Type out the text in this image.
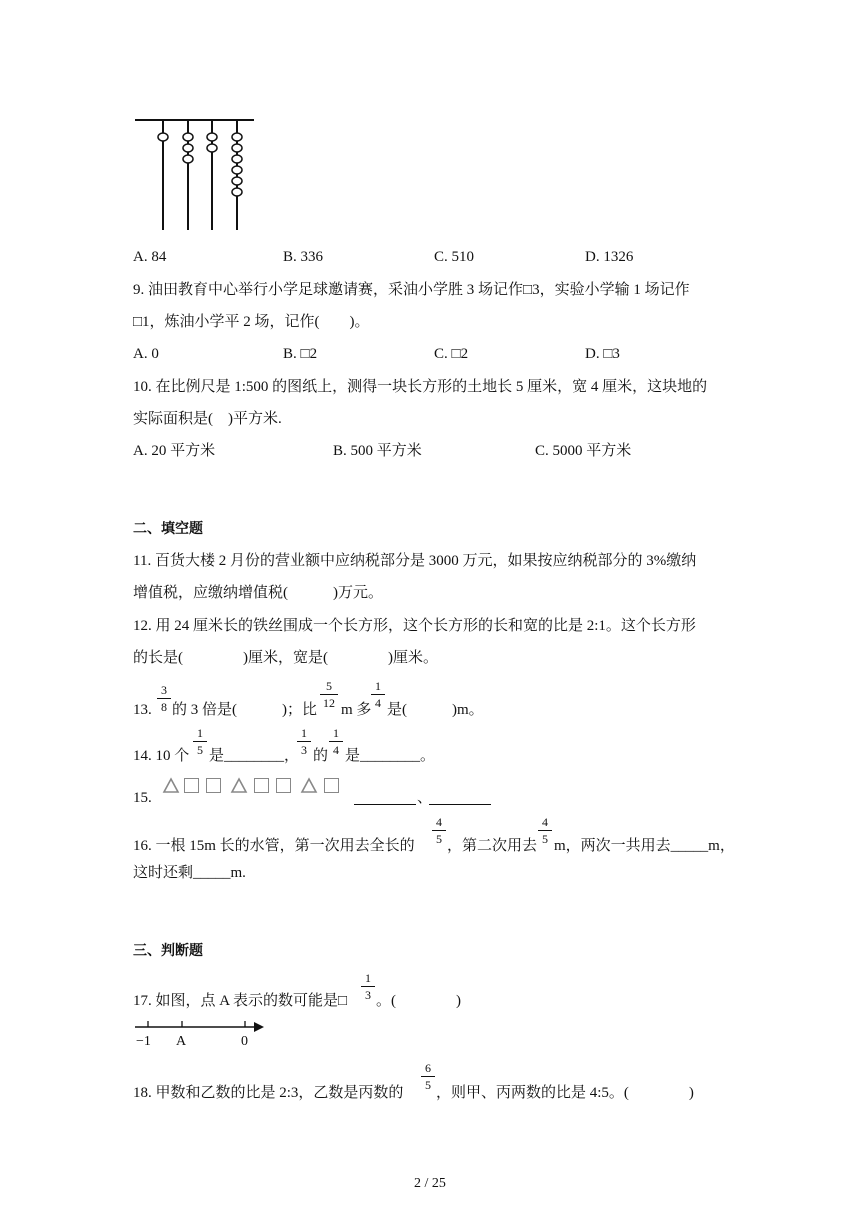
A. 84	B. 336	C. 510	D. 1326
9. 油田教育中心举行小学足球邀请赛，采油小学胜 3 场记作□3，实验小学输 1 场记作
□1，炼油小学平 2 场，记作(　　)。
A. 0	B. □2	C. □2	D. □3
10. 在比例尺是 1:500 的图纸上，测得一块长方形的土地长 5 厘米，宽 4 厘米，这块地的
实际面积是(　)平方米.
A. 20 平方米	B. 500 平方米	C. 5000 平方米
二、填空题
11. 百货大楼 2 月份的营业额中应纳税部分是 3000 万元，如果按应纳税部分的 3%缴纳
增值税，应缴纳增值税(　　　)万元。
12. 用 24 厘米长的铁丝围成一个长方形，这个长方形的长和宽的比是 2:1。这个长方形
的长是(　　　　)厘米，宽是(　　　　)厘米。
13. $\frac{3}{8}$ 的 3 倍是(　　　)；比
$\frac{5}{12}$
m 多
$\frac{1}{4}$
是(　　　)m。
14. 10 个 $\frac{1}{5}$ 是________，
$\frac{1}{3}$ 的 $\frac{1}{4}$ 是________。
15.	、
16. 一根 15m 长的水管，第一次用去全长的
$\frac{4}{5}$
，第二次用去
$\frac{4}{5}$
m，两次一共用去_____m，
这时还剩_____m.
三、判断题
17. 如图，点 A 表示的数可能是□ $\frac{1}{3}$ 。(　　　　)
−1 A	0
18. 甲数和乙数的比是 2:3，乙数是丙数的
$\frac{6}{5}$
，则甲、丙两数的比是 4:5。(　　　　)
2 / 25
